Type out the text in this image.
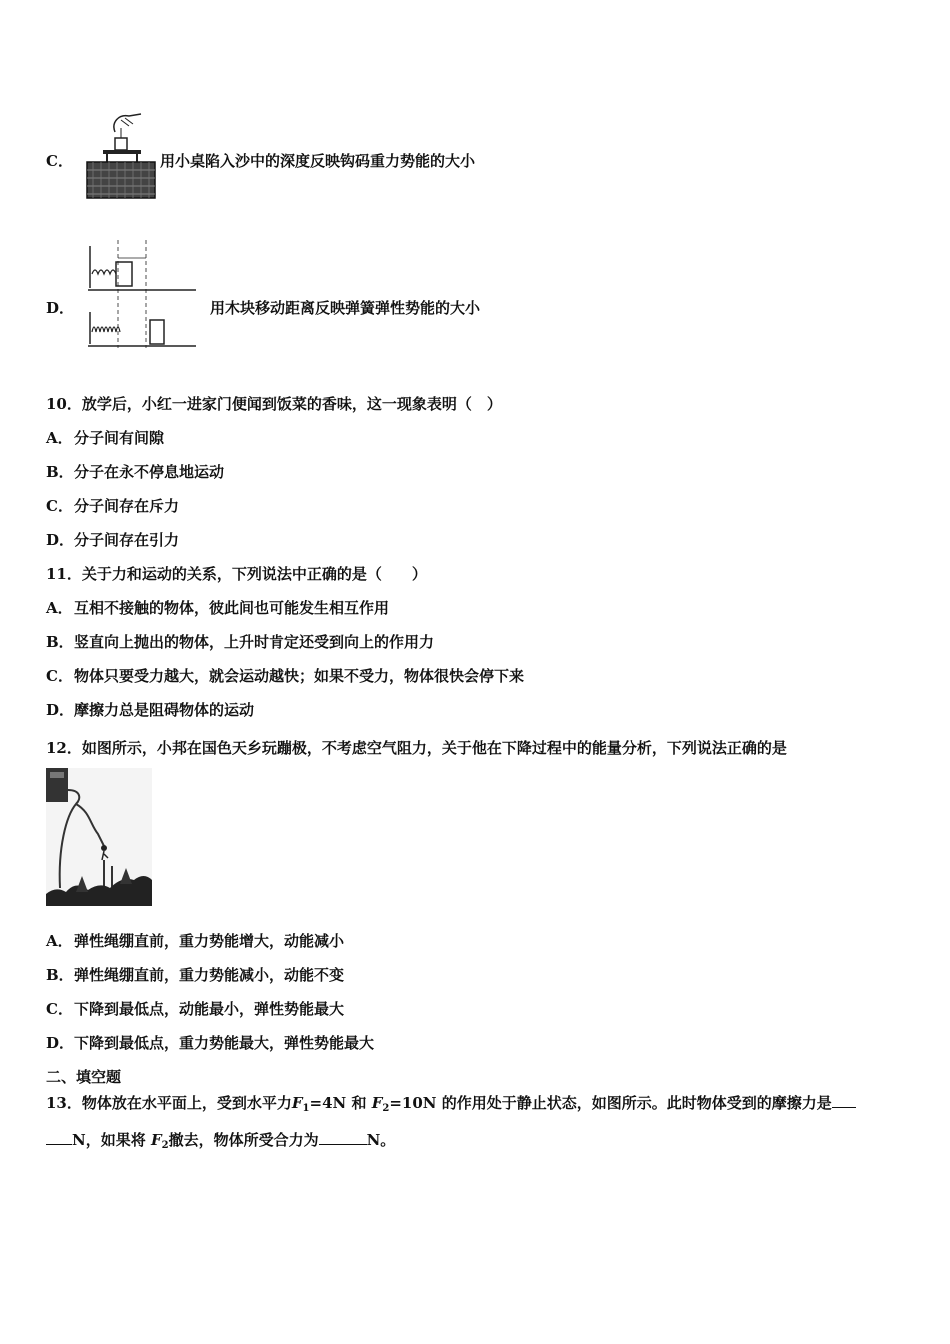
C．	用小桌陷入沙中的深度反映钩码重力势能的大小
D．	用木块移动距离反映弹簧弹性势能的大小
10．放学后，小红一进家门便闻到饭菜的香味，这一现象表明（　）
A．分子间有间隙
B．分子在永不停息地运动
C．分子间存在斥力
D．分子间存在引力
11．关于力和运动的关系，下列说法中正确的是（　　）
A．互相不接触的物体，彼此间也可能发生相互作用
B．竖直向上抛出的物体，上升时肯定还受到向上的作用力
C．物体只要受力越大，就会运动越快；如果不受力，物体很快会停下来
D．摩擦力总是阻碍物体的运动
12．如图所示，小邦在国色天乡玩蹦极，不考虑空气阻力，关于他在下降过程中的能量分析，下列说法正确的是
A．弹性绳绷直前，重力势能增大，动能减小
B．弹性绳绷直前，重力势能减小，动能不变
C．下降到最低点，动能最小，弹性势能最大
D．下降到最低点，重力势能最大，弹性势能最大
二、填空题
13．物体放在水平面上，受到水平力$F_1=4N$ 和 $F_2=10N$ 的作用处于静止状态，如图所示。此时物体受到的摩擦力是
N，如果将 $F_2$撤去，物体所受合力为	N。
